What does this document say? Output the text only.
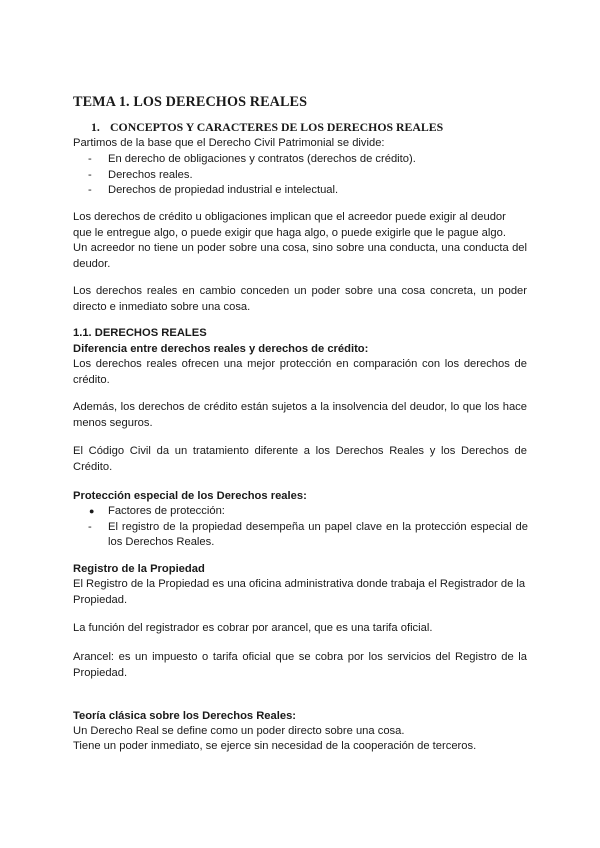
TEMA 1. LOS DERECHOS REALES
1. CONCEPTOS Y CARACTERES DE LOS DERECHOS REALES
Partimos de la base que el Derecho Civil Patrimonial se divide:
-	En derecho de obligaciones y contratos (derechos de crédito).
-	Derechos reales.
-	Derechos de propiedad industrial e intelectual.
Los derechos de crédito u obligaciones implican que el acreedor puede exigir al deudor que le entregue algo, o puede exigir que haga algo, o puede exigirle que le pague algo.
Un acreedor no tiene un poder sobre una cosa, sino sobre una conducta, una conducta del deudor.
Los derechos reales en cambio conceden un poder sobre una cosa concreta, un poder directo e inmediato sobre una cosa.
1.1. DERECHOS REALES
Diferencia entre derechos reales y derechos de crédito:
Los derechos reales ofrecen una mejor protección en comparación con los derechos de crédito.
Además, los derechos de crédito están sujetos a la insolvencia del deudor, lo que los hace menos seguros.
El Código Civil da un tratamiento diferente a los Derechos Reales y los Derechos de Crédito.
Protección especial de los Derechos reales:
●	Factores de protección:
-	El registro de la propiedad desempeña un papel clave en la protección especial de los Derechos Reales.
Registro de la Propiedad
El Registro de la Propiedad es una oficina administrativa donde trabaja el Registrador de la Propiedad.
La función del registrador es cobrar por arancel, que es una tarifa oficial.
Arancel: es un impuesto o tarifa oficial que se cobra por los servicios del Registro de la Propiedad.
Teoría clásica sobre los Derechos Reales:
Un Derecho Real se define como un poder directo sobre una cosa.
Tiene un poder inmediato, se ejerce sin necesidad de la cooperación de terceros.
